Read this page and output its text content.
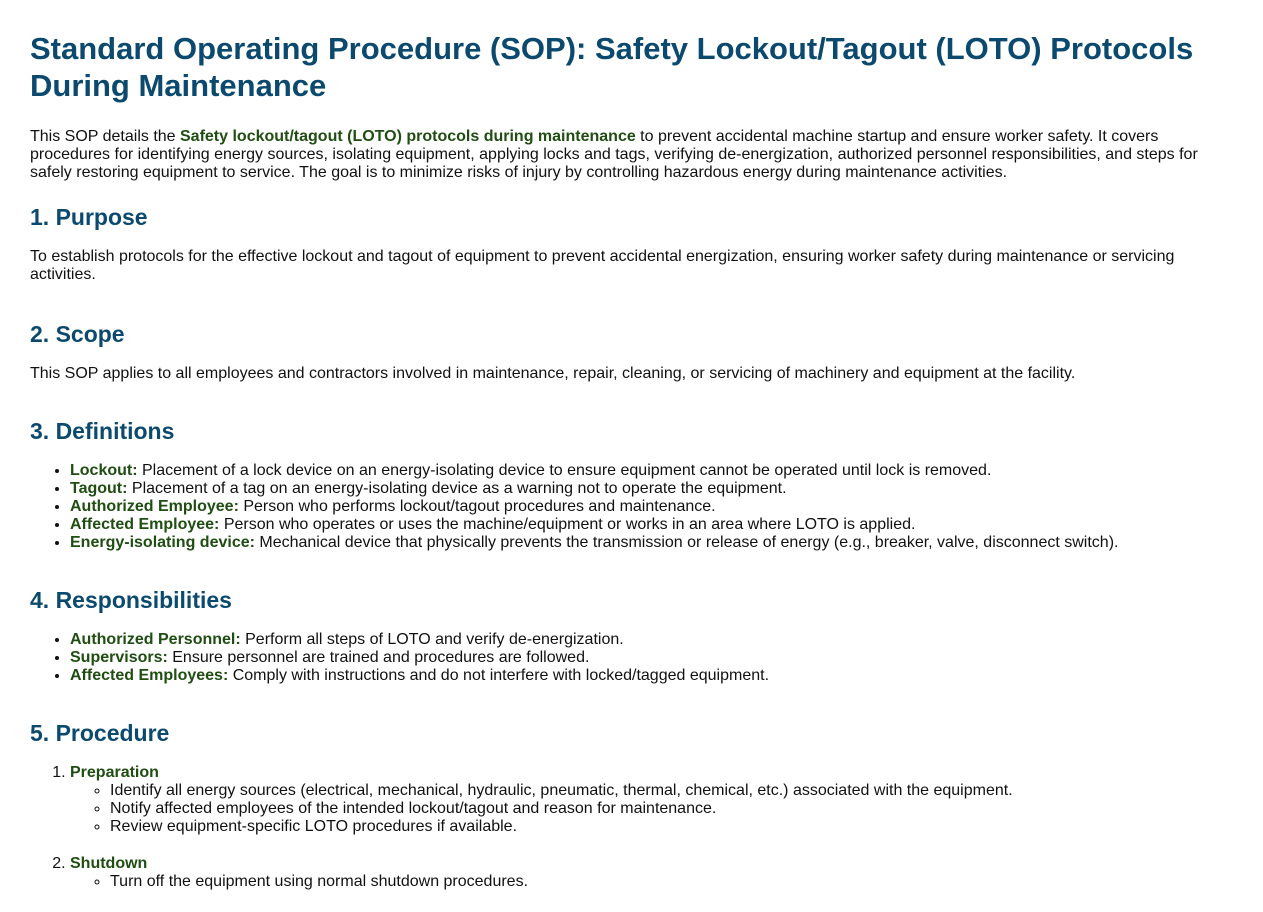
Standard Operating Procedure (SOP): Safety Lockout/Tagout (LOTO) Protocols During Maintenance

This SOP details the Safety lockout/tagout (LOTO) protocols during maintenance to prevent accidental machine startup and ensure worker safety. It covers procedures for identifying energy sources, isolating equipment, applying locks and tags, verifying de-energization, authorized personnel responsibilities, and steps for safely restoring equipment to service. The goal is to minimize risks of injury by controlling hazardous energy during maintenance activities.

1. Purpose

To establish protocols for the effective lockout and tagout of equipment to prevent accidental energization, ensuring worker safety during maintenance or servicing activities.

2. Scope

This SOP applies to all employees and contractors involved in maintenance, repair, cleaning, or servicing of machinery and equipment at the facility.

3. Definitions
• Lockout: Placement of a lock device on an energy-isolating device to ensure equipment cannot be operated until lock is removed.
• Tagout: Placement of a tag on an energy-isolating device as a warning not to operate the equipment.
• Authorized Employee: Person who performs lockout/tagout procedures and maintenance.
• Affected Employee: Person who operates or uses the machine/equipment or works in an area where LOTO is applied.
• Energy-isolating device: Mechanical device that physically prevents the transmission or release of energy (e.g., breaker, valve, disconnect switch).
4. Responsibilities
• Authorized Personnel: Perform all steps of LOTO and verify de-energization.
• Supervisors: Ensure personnel are trained and procedures are followed.
• Affected Employees: Comply with instructions and do not interfere with locked/tagged equipment.
5. Procedure
1. Preparation
◦ Identify all energy sources (electrical, mechanical, hydraulic, pneumatic, thermal, chemical, etc.) associated with the equipment.
◦ Notify affected employees of the intended lockout/tagout and reason for maintenance.
◦ Review equipment-specific LOTO procedures if available.
2. Shutdown
◦ Turn off the equipment using normal shutdown procedures.
